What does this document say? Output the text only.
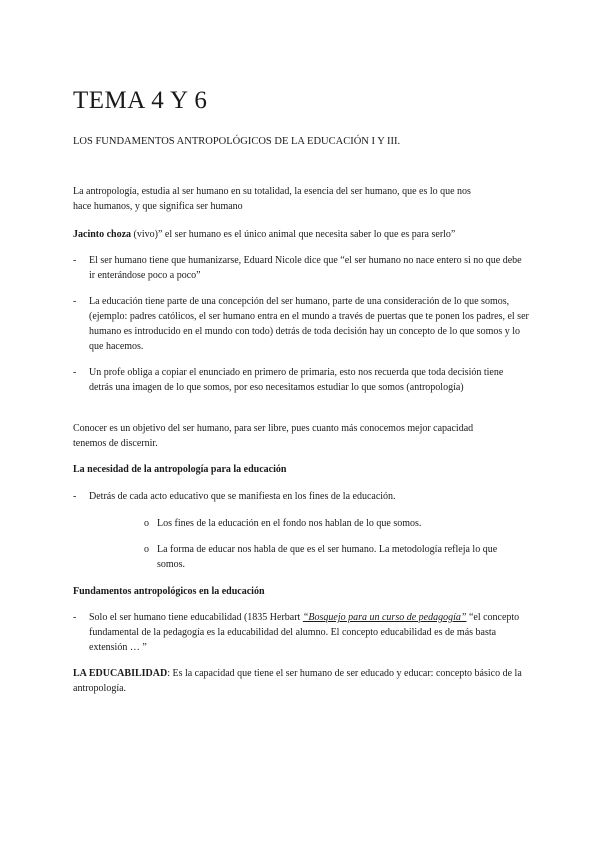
TEMA 4 Y 6
LOS FUNDAMENTOS ANTROPOLÓGICOS DE LA EDUCACIÓN I Y III.
La antropología, estudia al ser humano en su totalidad, la esencia del ser humano, que es lo que nos
hace humanos, y que significa ser humano
Jacinto choza (vivo)” el ser humano es el único animal que necesita saber lo que es para serlo”
- El ser humano tiene que humanizarse, Eduard Nicole dice que “el ser humano no nace entero si no que debe ir enterándose poco a poco”
- La educación tiene parte de una concepción del ser humano, parte de una consideración de lo que somos, (ejemplo: padres católicos, el ser humano entra en el mundo a través de puertas que te ponen los padres, el ser humano es introducido en el mundo con todo) detrás de toda decisión hay un concepto de lo que somos y lo que hacemos.
- Un profe obliga a copiar el enunciado en primero de primaria, esto nos recuerda que toda decisión tiene detrás una imagen de lo que somos, por eso necesitamos estudiar lo que somos (antropología)
Conocer es un objetivo del ser humano, para ser libre, pues cuanto más conocemos mejor capacidad
tenemos de discernir.
La necesidad de la antropología para la educación
- Detrás de cada acto educativo que se manifiesta en los fines de la educación.
o Los fines de la educación en el fondo nos hablan de lo que somos.
o La forma de educar nos habla de que es el ser humano. La metodología refleja lo que somos.
Fundamentos antropológicos en la educación
- Solo el ser humano tiene educabilidad (1835 Herbart “Bosquejo para un curso de pedagogía” “el concepto fundamental de la pedagogía es la educabilidad del alumno. El concepto educabilidad es de más basta extensión … ”
LA EDUCABILIDAD: Es la capacidad que tiene el ser humano de ser educado y educar: concepto básico de la antropología.
